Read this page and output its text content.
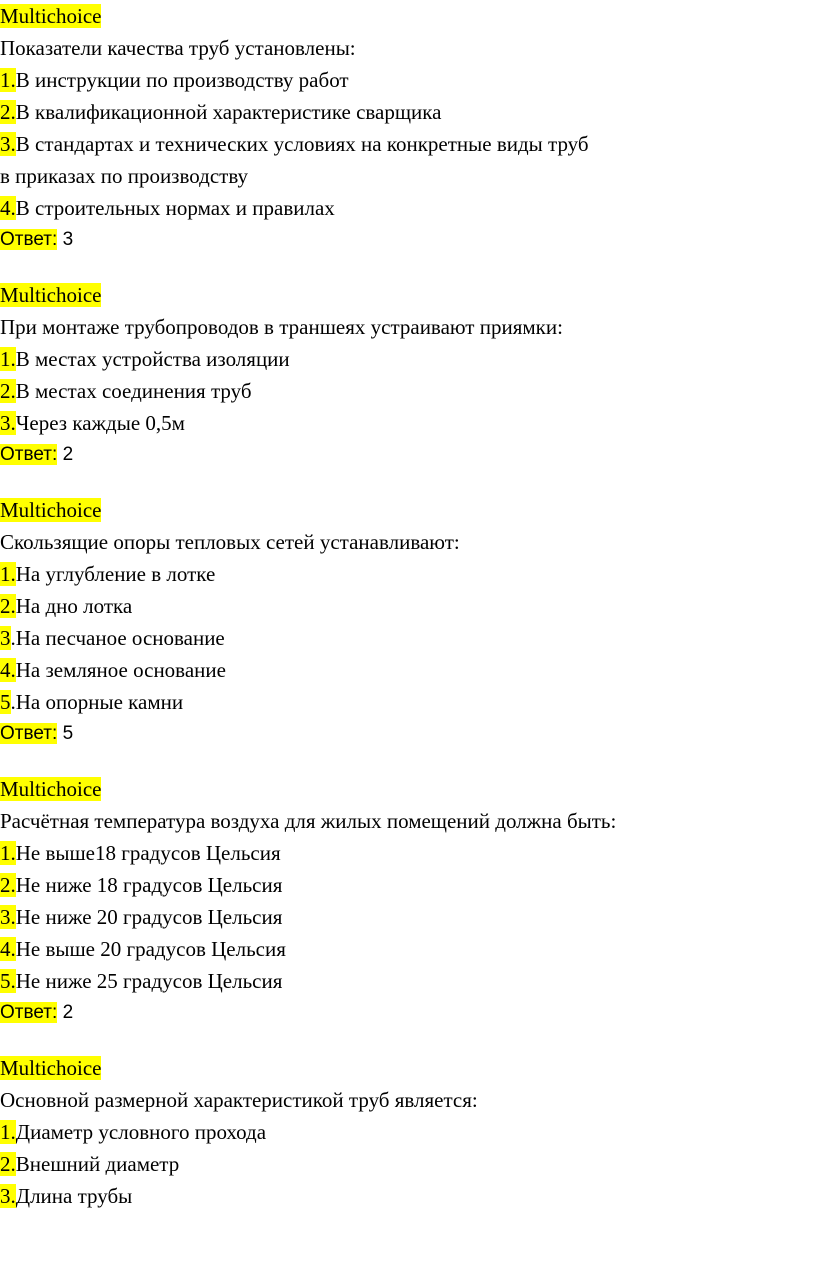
Multichoice
Показатели качества труб установлены:
1.В инструкции по производству работ
2.В квалификационной характеристике сварщика
3.В стандартах и технических условиях на конкретные виды труб
в приказах по производству
4.В строительных нормах и правилах
Ответ: 3
Multichoice
При монтаже трубопроводов в траншеях устраивают приямки:
1.В местах устройства изоляции
2.В местах соединения труб
3.Через каждые 0,5м
Ответ: 2
Multichoice
Скользящие опоры тепловых сетей устанавливают:
1.На углубление в лотке
2.На дно лотка
3.На песчаное основание
4.На земляное основание
5.На опорные камни
Ответ: 5
Multichoice
Расчётная температура воздуха для жилых помещений должна быть:
1.Не выше18 градусов Цельсия
2.Не ниже 18 градусов Цельсия
3.Не ниже 20 градусов Цельсия
4.Не выше 20 градусов Цельсия
5.Не ниже 25 градусов Цельсия
Ответ: 2
Multichoice
Основной размерной характеристикой труб является:
1.Диаметр условного прохода
2.Внешний диаметр
3.Длина трубы
